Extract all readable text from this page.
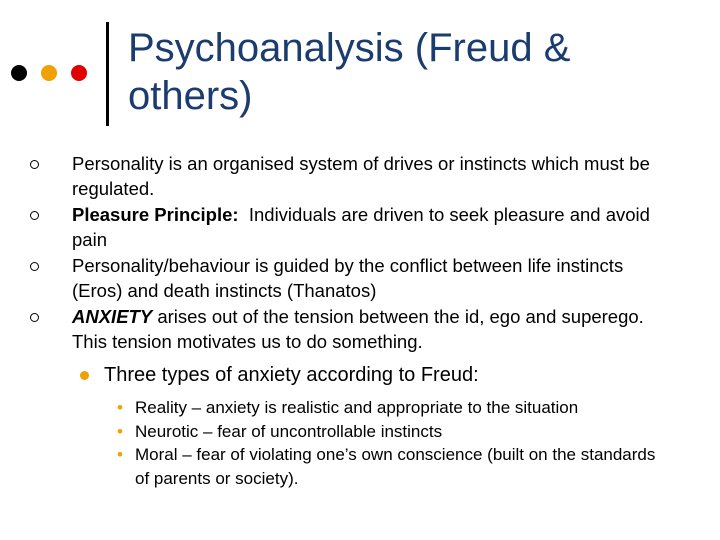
Psychoanalysis (Freud &
others)
Personality is an organised system of drives or instincts which must be regulated.
Pleasure Principle:  Individuals are driven to seek pleasure and avoid pain
Personality/behaviour is guided by the conflict between life instincts (Eros) and death instincts (Thanatos)
ANXIETY arises out of the tension between the id, ego and superego. This tension motivates us to do something.
Three types of anxiety according to Freud:
• Reality – anxiety is realistic and appropriate to the situation
• Neurotic – fear of uncontrollable instincts
• Moral – fear of violating one’s own conscience (built on the standards of parents or society).
